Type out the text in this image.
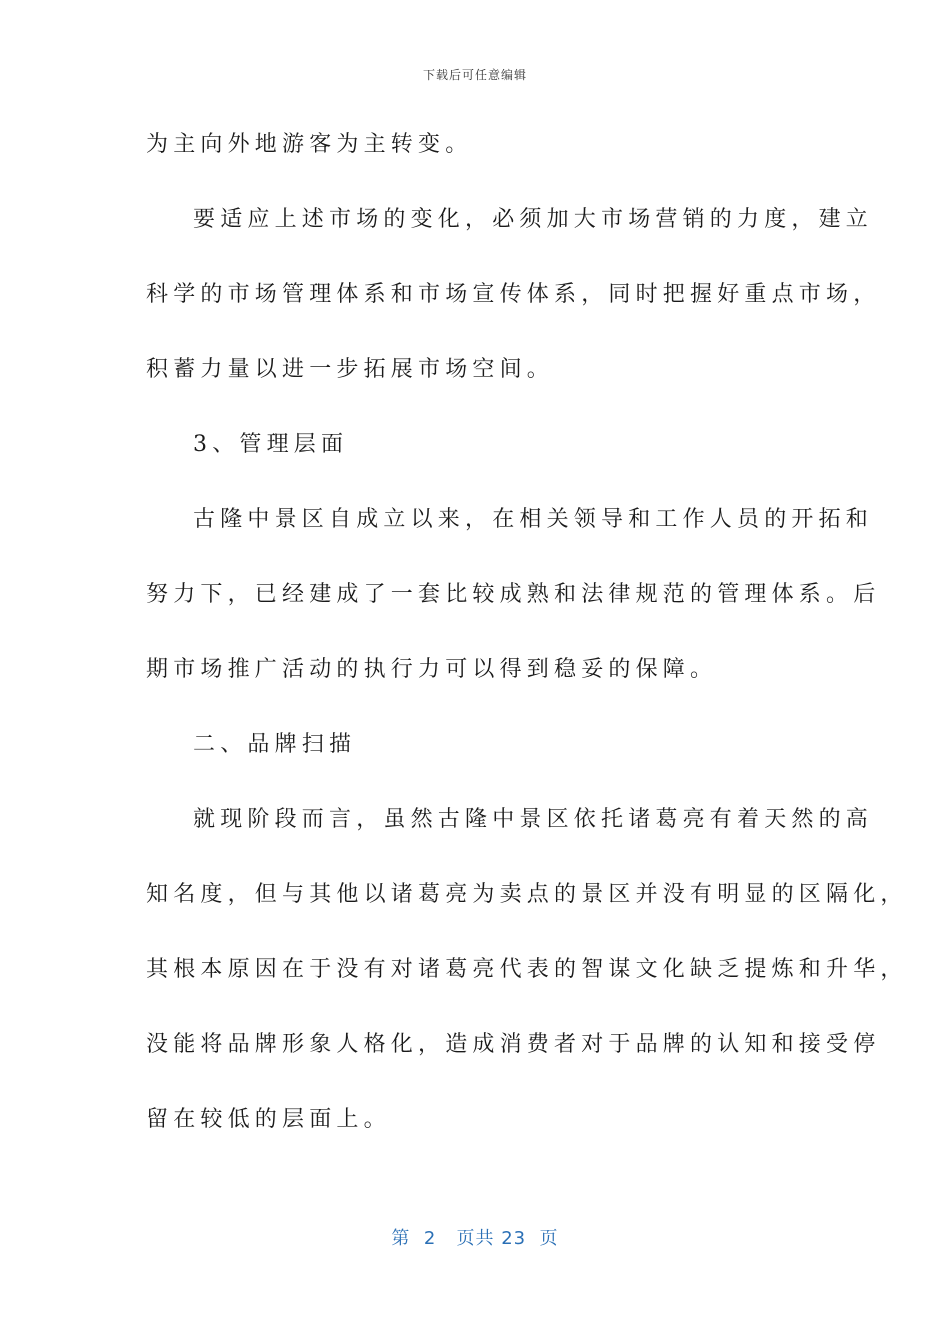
下载后可任意编辑
为主向外地游客为主转变。
要适应上述市场的变化，必须加大市场营销的力度，建立
科学的市场管理体系和市场宣传体系，同时把握好重点市场，
积蓄力量以进一步拓展市场空间。
3、管理层面
古隆中景区自成立以来，在相关领导和工作人员的开拓和
努力下，已经建成了一套比较成熟和法律规范的管理体系。后
期市场推广活动的执行力可以得到稳妥的保障。
二、品牌扫描
就现阶段而言，虽然古隆中景区依托诸葛亮有着天然的高
知名度，但与其他以诸葛亮为卖点的景区并没有明显的区隔化，
其根本原因在于没有对诸葛亮代表的智谋文化缺乏提炼和升华，
没能将品牌形象人格化，造成消费者对于品牌的认知和接受停
留在较低的层面上。
第  2   页共 23  页
